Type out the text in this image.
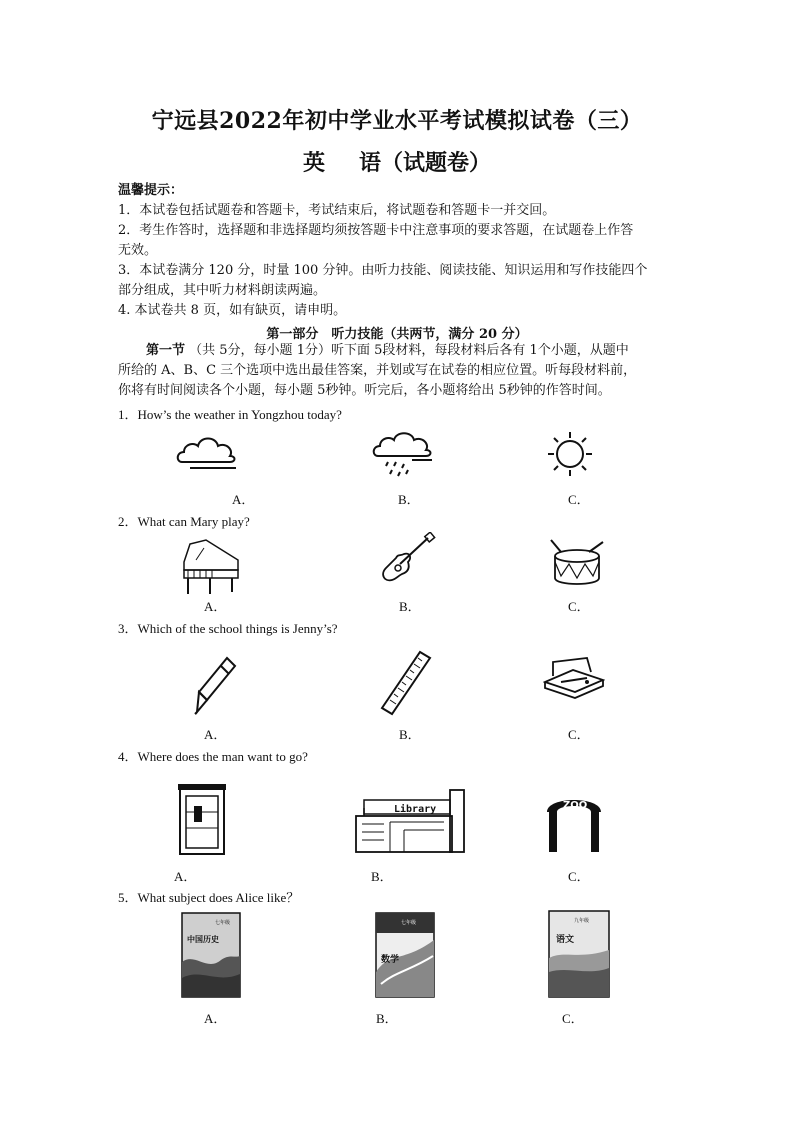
宁远县2022年初中学业水平考试模拟试卷（三）
英 语（试题卷）
温馨提示：
1．本试卷包括试题卷和答题卡，考试结束后，将试题卷和答题卡一并交回。
2．考生作答时，选择题和非选择题均须按答题卡中注意事项的要求答题，在试题卷上作答
无效。
3．本试卷满分 120 分，时量 100 分钟。由听力技能、阅读技能、知识运用和写作技能四个
部分组成，其中听力材料朗读两遍。
4. 本试卷共 8 页，如有缺页，请申明。
第一部分　听力技能（共两节，满分 20 分）
第一节 （共 5分，每小题 1分）听下面 5段材料，每段材料后各有 1个小题，从题中
所给的 A、B、C 三个选项中选出最佳答案，并划或写在试卷的相应位置。听每段材料前，
你将有时间阅读各个小题，每小题 5秒钟。听完后，各小题将给出 5秒钟的作答时间。
1．How’s the weather in Yongzhou today?
A．	B．	C．
2．What can Mary play?
A．	B．	C．
3．Which of the school things is Jenny’s?
A．	B．	C．
4．Where does the man want to go?
Library	ZOO
A．	B．	C．
5．What subject does Alice like？
七年级
中国历史
七年级
数学
九年级
语文
A．	B．	C．
